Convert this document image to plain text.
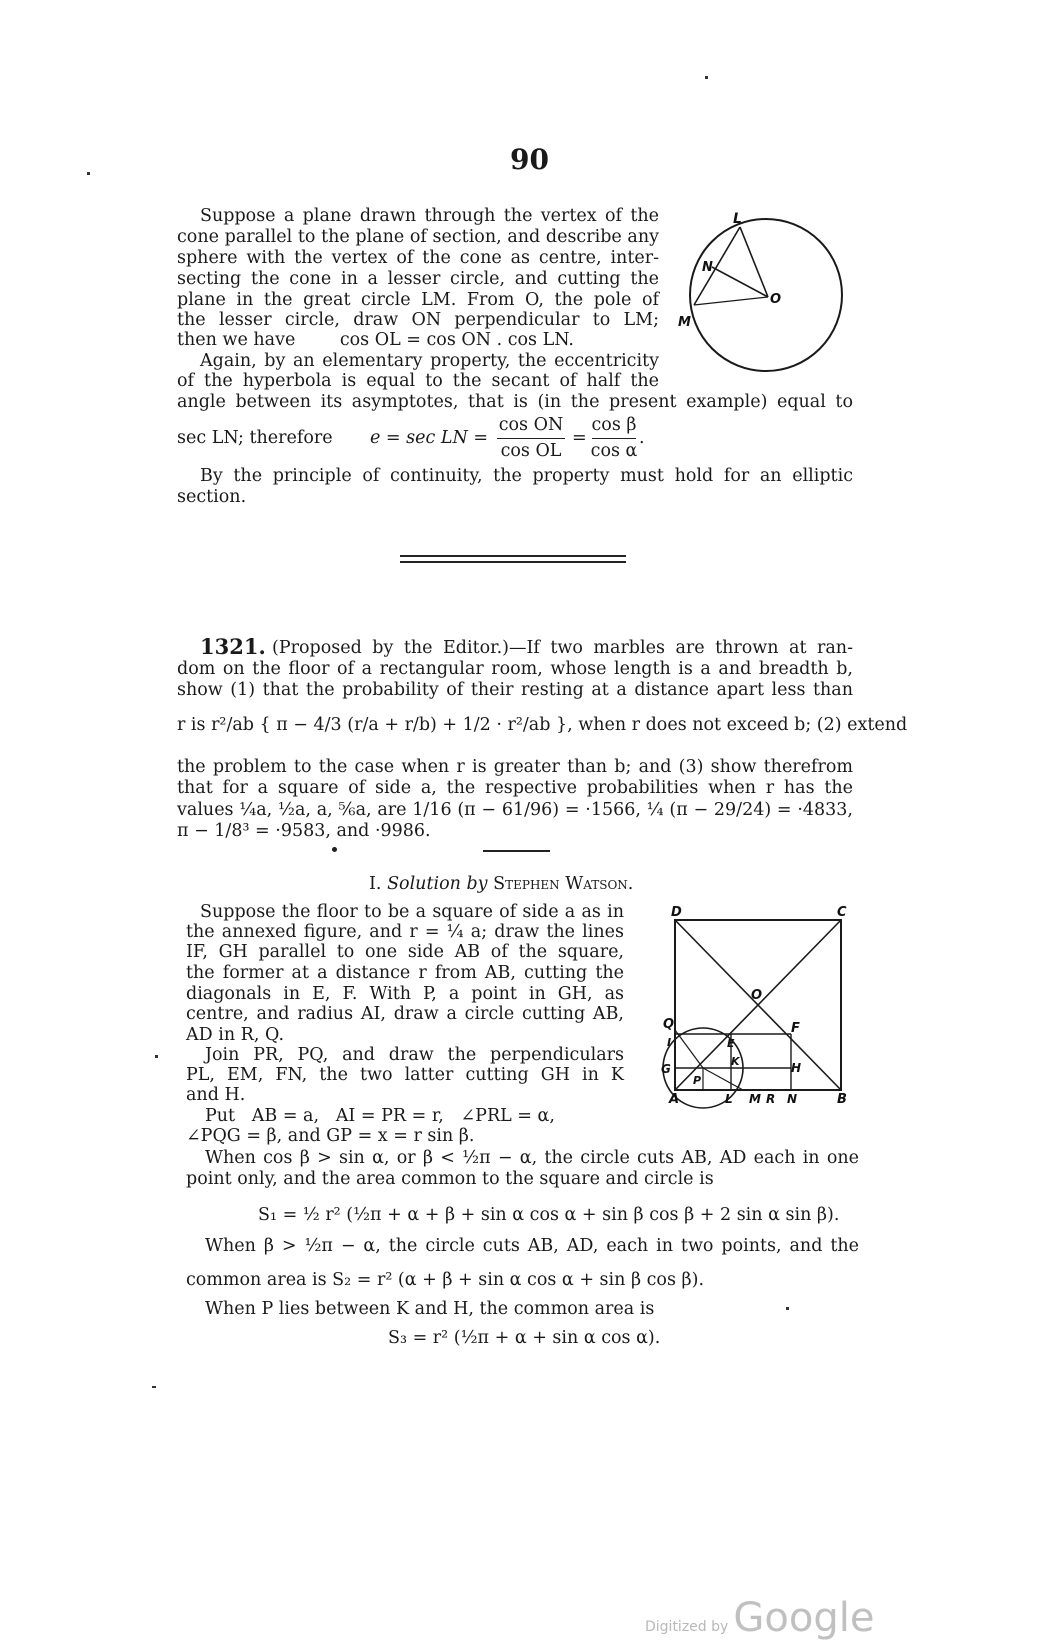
90
Suppose a plane drawn through the vertex of the
cone parallel to the plane of section, and describe any
sphere with the vertex of the cone as centre, inter-
secting the cone in a lesser circle, and cutting the
plane in the great circle LM. From O, the pole of
the lesser circle, draw ON perpendicular to LM;
then we have        cos OL = cos ON . cos LN.
Again, by an elementary property, the eccentricity
of the hyperbola is equal to the secant of half the
angle between its asymptotes, that is (in the present example) equal to
sec LN; therefore e = sec LN =
cos ON
cos OL
=
cos β
cos α
.
By the principle of continuity, the property must hold for an elliptic
section.
L
N
O
M
1321. (Proposed by the Editor.)—If two marbles are thrown at ran-
dom on the floor of a rectangular room, whose length is a and breadth b,
show (1) that the probability of their resting at a distance apart less than
r is r²/ab { π − 4/3 (r/a + r/b) + 1/2 · r²/ab }, when r does not exceed b; (2) extend
the problem to the case when r is greater than b; and (3) show therefrom
that for a square of side a, the respective probabilities when r has the
values ¼a, ½a, a, ⅚a, are 1/16 (π − 61/96) = ·1566, ¼ (π − 29/24) = ·4833,
π − 1/8³ = ·9583, and ·9986.
I. Solution by Stephen Watson.
Suppose the floor to be a square of side a as in
the annexed figure, and r = ¼ a; draw the lines
IF, GH parallel to one side AB of the square,
the former at a distance r from AB, cutting the
diagonals in E, F. With P, a point in GH, as
centre, and radius AI, draw a circle cutting AB,
AD in R, Q.
Join PR, PQ, and draw the perpendiculars
PL, EM, FN, the two latter cutting GH in K
and H.
Put   AB = a,   AI = PR = r,   ∠PRL = α,
∠PQG = β, and GP = x = r sin β.
When cos β > sin α, or β < ½π − α, the circle cuts AB, AD each in one
point only, and the area common to the square and circle is
S₁ = ½ r² (½π + α + β + sin α cos α + sin β cos β + 2 sin α sin β).
When β > ½π − α, the circle cuts AB, AD, each in two points, and the
common area is S₂ = r² (α + β + sin α cos α + sin β cos β).
When P lies between K and H, the common area is
S₃ = r² (½π + α + sin α cos α).
D	C
O
Q	F
I	E
K
G	H
P
A	L M R N	B
Digitized by Google
